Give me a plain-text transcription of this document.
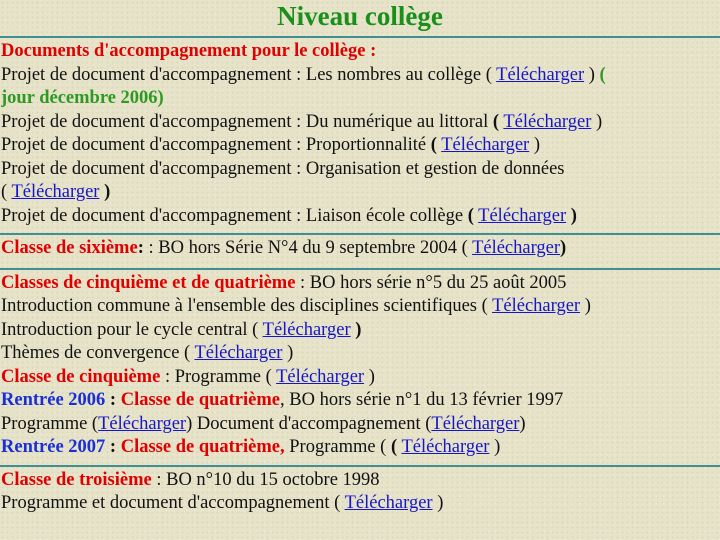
Niveau collège
Documents d'accompagnement pour le collège :
Projet de document d'accompagnement : Les nombres au collège ( Télécharger ) (
jour décembre 2006)
Projet de document d'accompagnement : Du numérique au littoral ( Télécharger )
Projet de document d'accompagnement : Proportionnalité ( Télécharger )
Projet de document d'accompagnement : Organisation et gestion de données
( Télécharger )
Projet de document d'accompagnement : Liaison école collège ( Télécharger )
Classe de sixième: : BO hors Série N°4 du 9 septembre 2004 ( Télécharger)
Classes de cinquième et de quatrième : BO hors série n°5 du 25 août 2005
Introduction commune à l'ensemble des disciplines scientifiques ( Télécharger )
Introduction pour le cycle central ( Télécharger )
Thèmes de convergence ( Télécharger )
Classe de cinquième : Programme ( Télécharger )
Rentrée 2006 : Classe de quatrième, BO hors série n°1 du 13 février 1997
Programme (Télécharger) Document d'accompagnement (Télécharger)
Rentrée 2007 : Classe de quatrième, Programme ( ( Télécharger )
Classe de troisième : BO n°10 du 15 octobre 1998
Programme et document d'accompagnement ( Télécharger )
